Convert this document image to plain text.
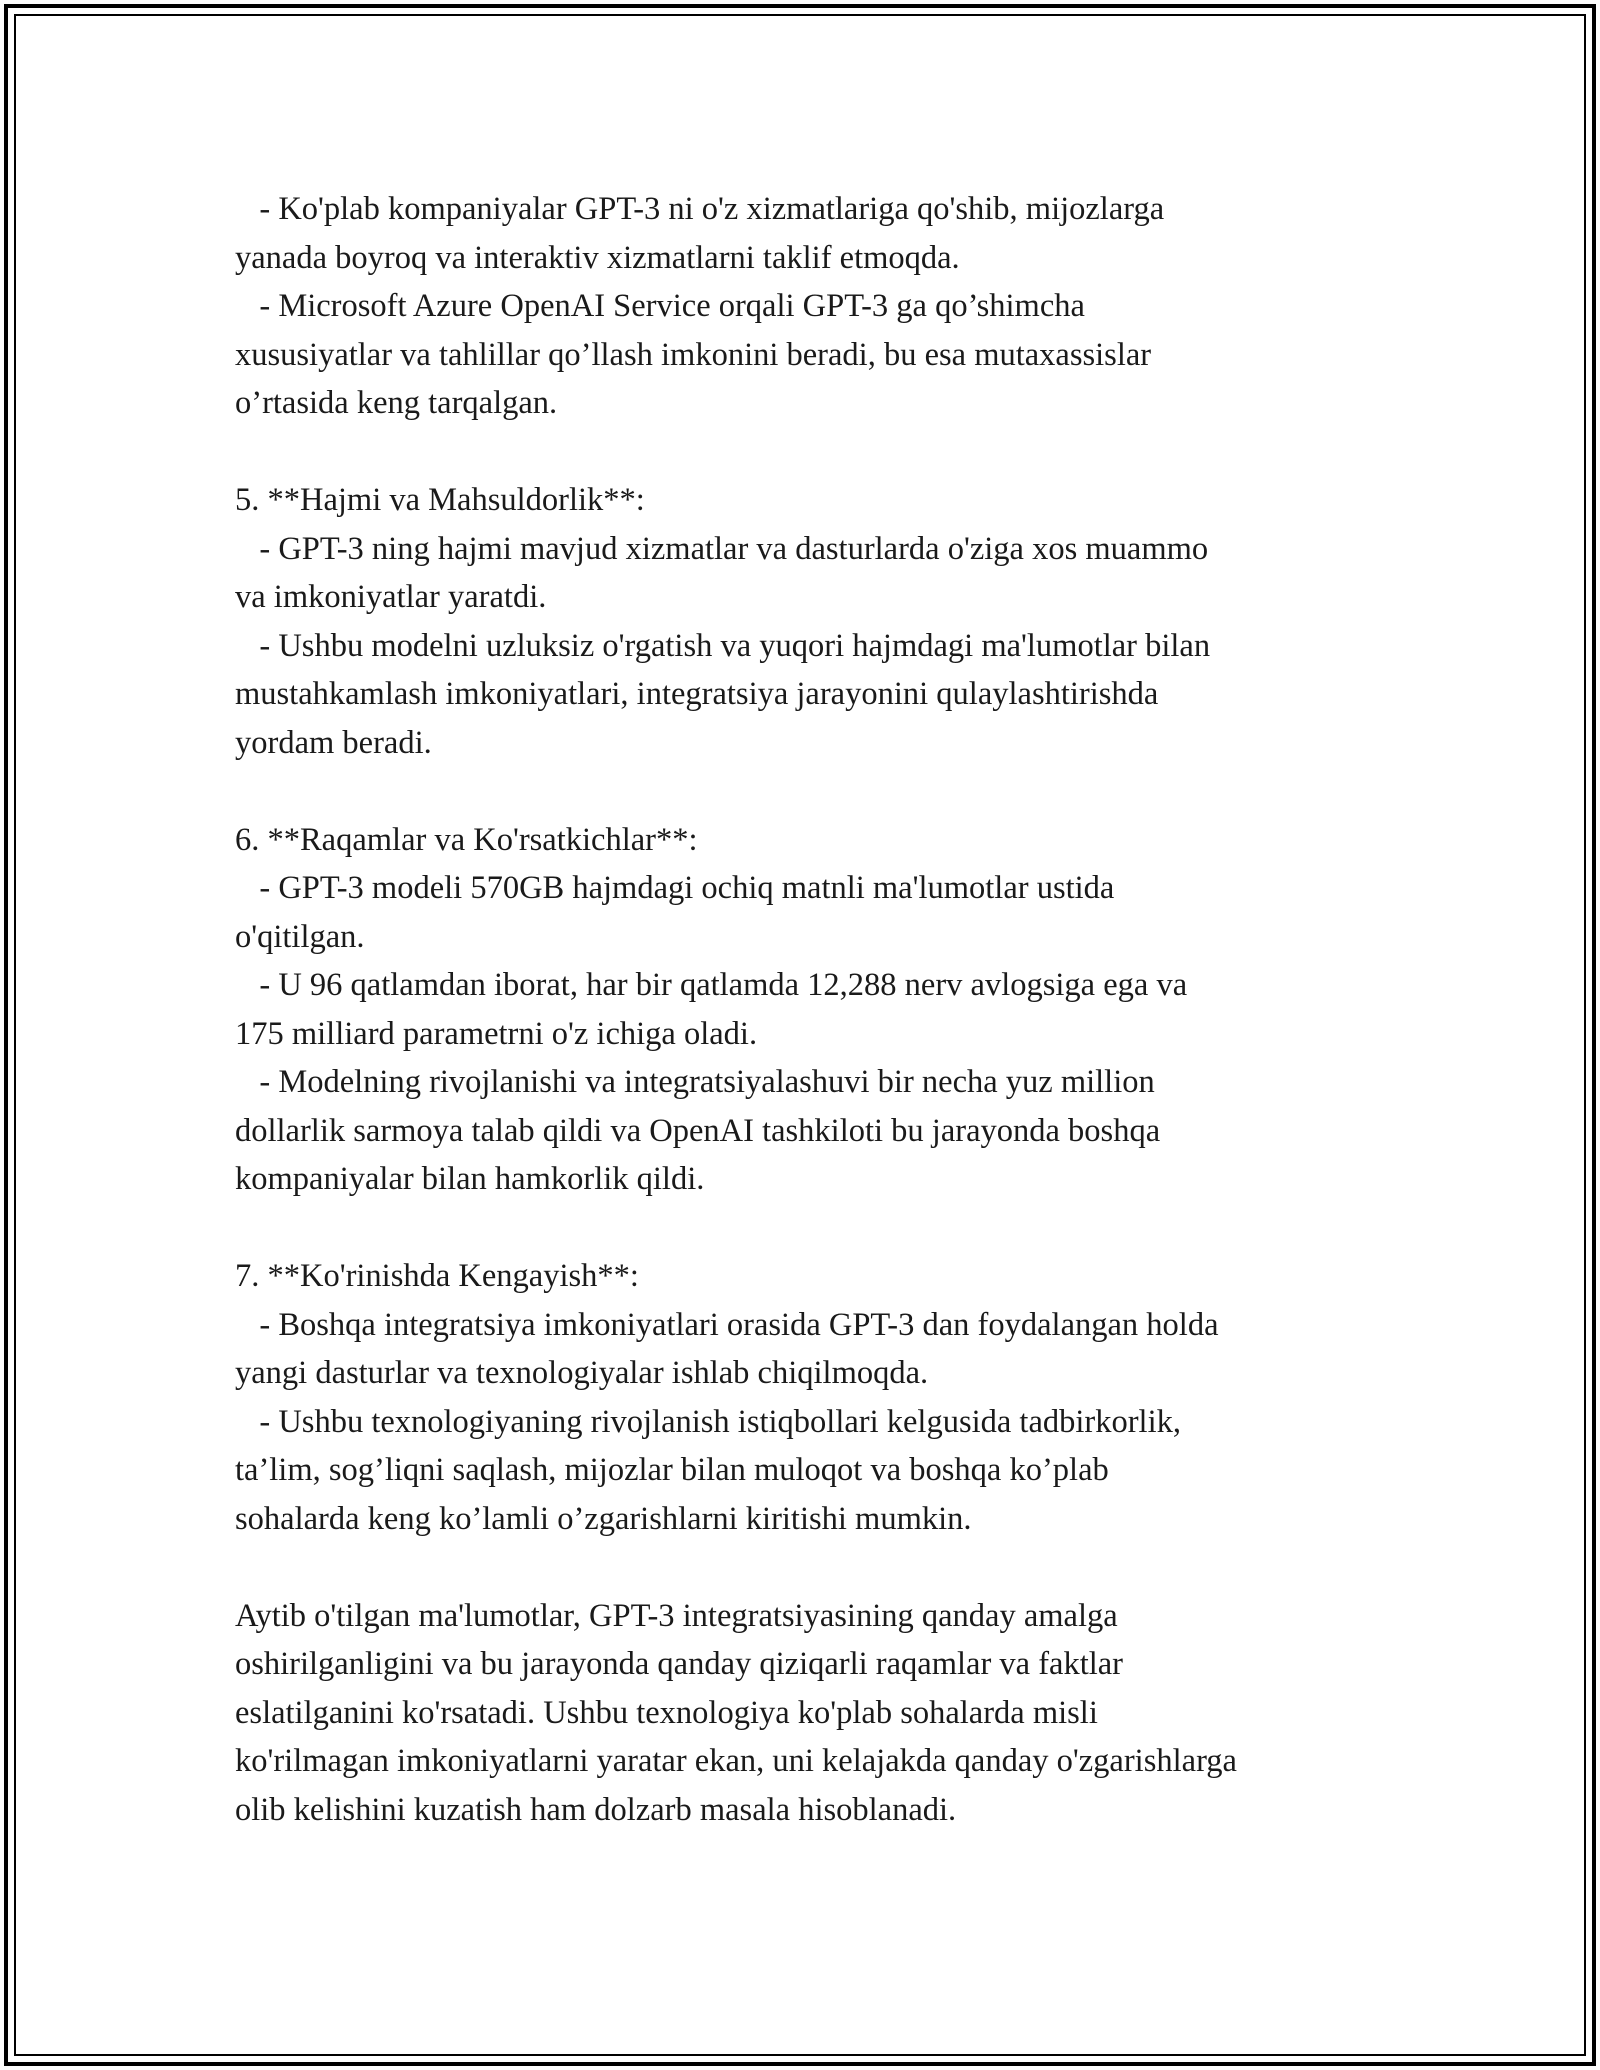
- Ko'plab kompaniyalar GPT-3 ni o'z xizmatlariga qo'shib, mijozlarga
yanada boyroq va interaktiv xizmatlarni taklif etmoqda.
- Microsoft Azure OpenAI Service orqali GPT-3 ga qo’shimcha
xususiyatlar va tahlillar qo’llash imkonini beradi, bu esa mutaxassislar
o’rtasida keng tarqalgan.
5. **Hajmi va Mahsuldorlik**:
- GPT-3 ning hajmi mavjud xizmatlar va dasturlarda o'ziga xos muammo
va imkoniyatlar yaratdi.
- Ushbu modelni uzluksiz o'rgatish va yuqori hajmdagi ma'lumotlar bilan
mustahkamlash imkoniyatlari, integratsiya jarayonini qulaylashtirishda
yordam beradi.
6. **Raqamlar va Ko'rsatkichlar**:
- GPT-3 modeli 570GB hajmdagi ochiq matnli ma'lumotlar ustida
o'qitilgan.
- U 96 qatlamdan iborat, har bir qatlamda 12,288 nerv avlogsiga ega va
175 milliard parametrni o'z ichiga oladi.
- Modelning rivojlanishi va integratsiyalashuvi bir necha yuz million
dollarlik sarmoya talab qildi va OpenAI tashkiloti bu jarayonda boshqa
kompaniyalar bilan hamkorlik qildi.
7. **Ko'rinishda Kengayish**:
- Boshqa integratsiya imkoniyatlari orasida GPT-3 dan foydalangan holda
yangi dasturlar va texnologiyalar ishlab chiqilmoqda.
- Ushbu texnologiyaning rivojlanish istiqbollari kelgusida tadbirkorlik,
ta’lim, sog’liqni saqlash, mijozlar bilan muloqot va boshqa ko’plab
sohalarda keng ko’lamli o’zgarishlarni kiritishi mumkin.
Aytib o'tilgan ma'lumotlar, GPT-3 integratsiyasining qanday amalga
oshirilganligini va bu jarayonda qanday qiziqarli raqamlar va faktlar
eslatilganini ko'rsatadi. Ushbu texnologiya ko'plab sohalarda misli
ko'rilmagan imkoniyatlarni yaratar ekan, uni kelajakda qanday o'zgarishlarga
olib kelishini kuzatish ham dolzarb masala hisoblanadi.
